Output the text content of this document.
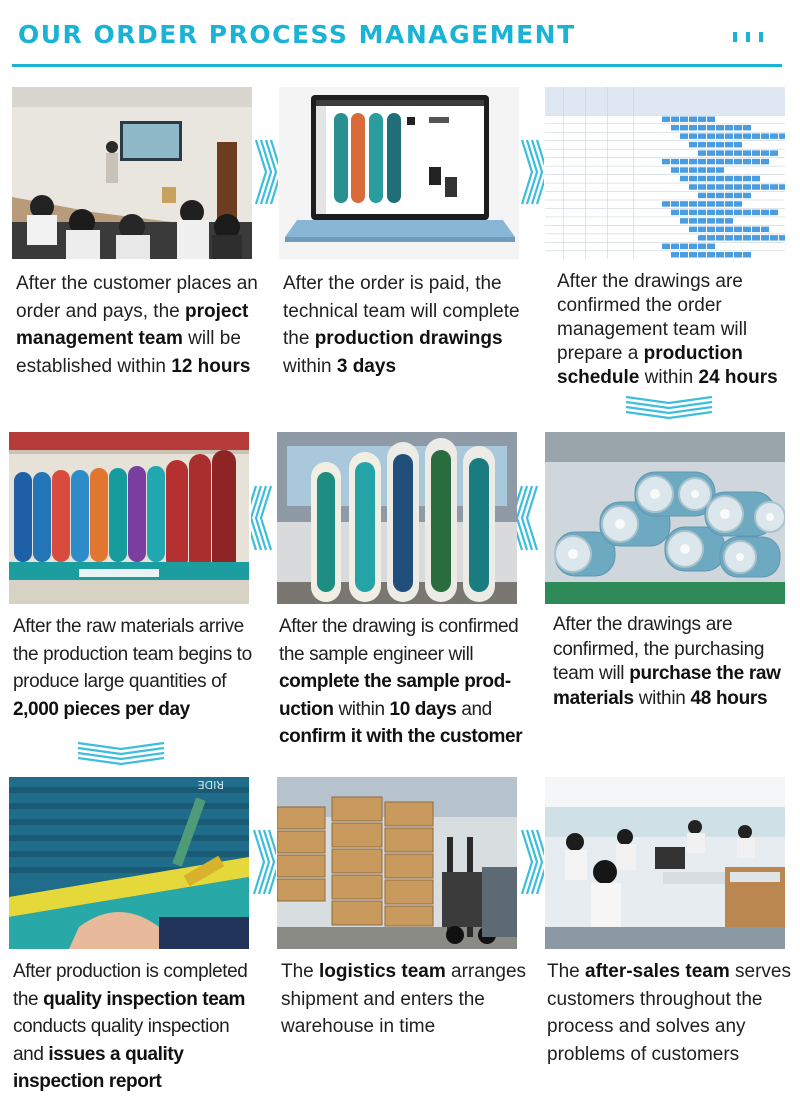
OUR ORDER PROCESS MANAGEMENT
After the customer places an order and pays, the project management team will be established within 12 hours
After the order is paid, the technical team will complete the production drawings within 3 days
After the drawings are confirmed the order management team will prepare a production schedule within 24 hours
After the raw materials arrive the production team begins to produce large quantities of 2,000 pieces per day
After the drawing is confirmed the sample engineer will complete the sample prod-uction within 10 days and confirm it with the customer
After the drawings are confirmed, the purchasing team will purchase the raw materials within 48 hours
RIDE
After production is completed the quality inspection team conducts quality inspection and issues a quality inspection report
The logistics team arranges shipment and enters the warehouse in time
The after-sales team serves customers throughout the process and solves any problems of customers
